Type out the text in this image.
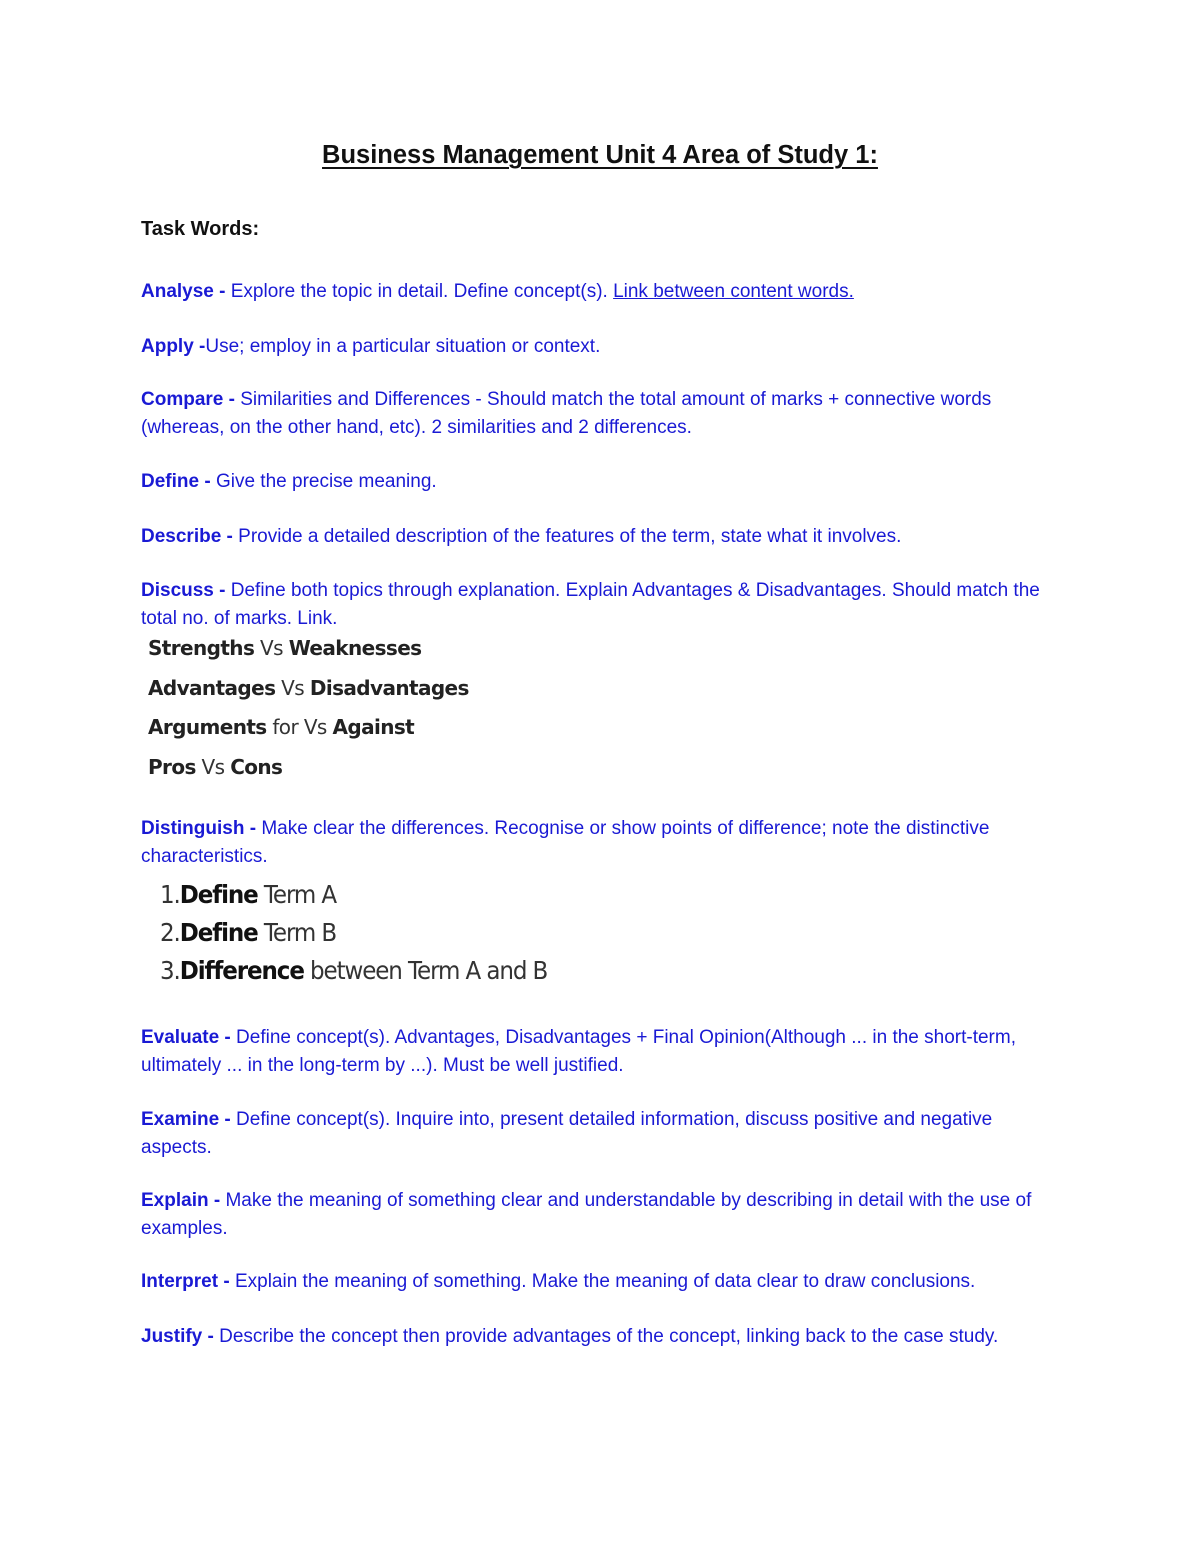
Business Management Unit 4 Area of Study 1:
Task Words:
Analyse - Explore the topic in detail. Define concept(s). Link between content words.
Apply -Use; employ in a particular situation or context.
Compare - Similarities and Differences - Should match the total amount of marks + connective words (whereas, on the other hand, etc). 2 similarities and 2 differences.
Define - Give the precise meaning.
Describe - Provide a detailed description of the features of the term, state what it involves.
Discuss - Define both topics through explanation. Explain Advantages & Disadvantages. Should match the total no. of marks. Link.
Strengths Vs Weaknesses
Advantages Vs Disadvantages
Arguments for Vs Against
Pros Vs Cons
Distinguish - Make clear the differences. Recognise or show points of difference; note the distinctive characteristics.
1.Define Term A
2.Define Term B
3.Difference between Term A and B
Evaluate - Define concept(s). Advantages, Disadvantages + Final Opinion(Although ... in the short-term, ultimately ... in the long-term by ...). Must be well justified.
Examine - Define concept(s). Inquire into, present detailed information, discuss positive and negative aspects.
Explain - Make the meaning of something clear and understandable by describing in detail with the use of examples.
Interpret - Explain the meaning of something. Make the meaning of data clear to draw conclusions.
Justify - Describe the concept then provide advantages of the concept, linking back to the case study.
